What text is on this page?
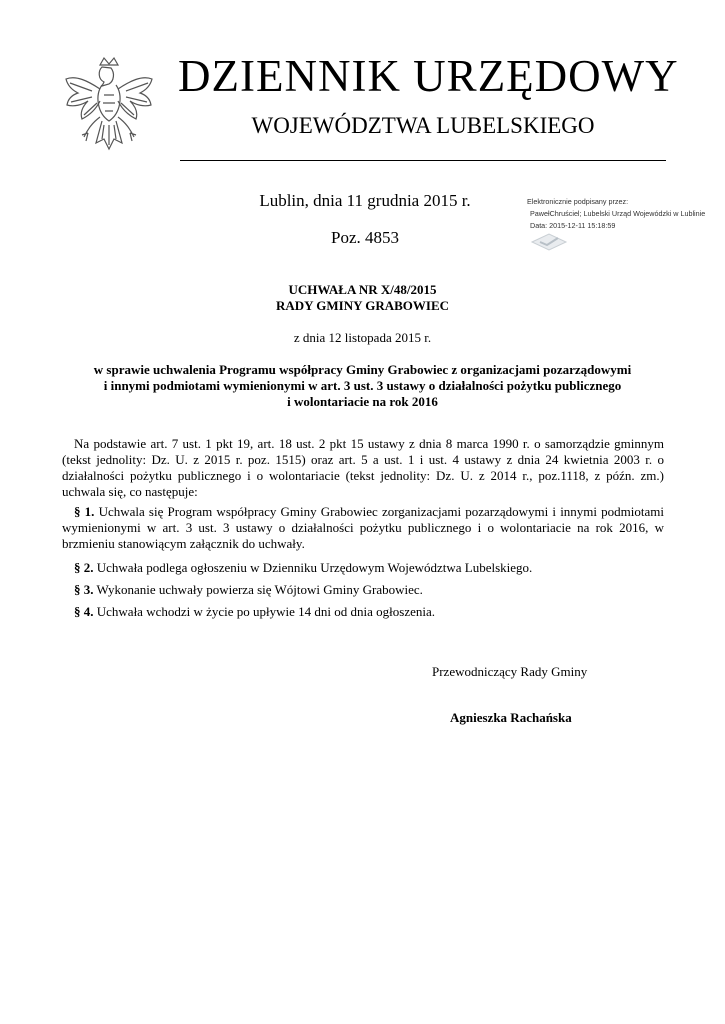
DZIENNIK URZĘDOWY
WOJEWÓDZTWA LUBELSKIEGO
Lublin, dnia 11 grudnia 2015 r.
Poz. 4853
Elektronicznie podpisany przez:
PawełChruściel; Lubelski Urząd Wojewódzki w Lublinie
Data: 2015-12-11 15:18:59
UCHWAŁA NR X/48/2015
RADY GMINY GRABOWIEC
z dnia 12 listopada 2015 r.
w sprawie uchwalenia Programu współpracy Gminy Grabowiec z organizacjami pozarządowymi
i innymi podmiotami wymienionymi w art. 3 ust. 3 ustawy o działalności pożytku publicznego
i wolontariacie na rok 2016
Na podstawie art. 7 ust. 1 pkt 19, art. 18 ust. 2 pkt 15 ustawy z dnia 8 marca 1990 r. o samorządzie gminnym (tekst jednolity: Dz. U. z 2015 r. poz. 1515) oraz art. 5 a ust. 1 i ust. 4 ustawy z dnia 24 kwietnia 2003 r. o działalności pożytku publicznego i o wolontariacie (tekst jednolity: Dz. U. z 2014 r., poz.1118, z późn. zm.) uchwala się, co następuje:
§ 1. Uchwala się Program współpracy Gminy Grabowiec zorganizacjami pozarządowymi i innymi podmiotami wymienionymi w art. 3 ust. 3 ustawy o działalności pożytku publicznego i o wolontariacie na rok 2016, w brzmieniu stanowiącym załącznik do uchwały.
§ 2. Uchwała podlega ogłoszeniu w Dzienniku Urzędowym Województwa Lubelskiego.
§ 3. Wykonanie uchwały powierza się Wójtowi Gminy Grabowiec.
§ 4. Uchwała wchodzi w życie po upływie 14 dni od dnia ogłoszenia.
Przewodniczący Rady Gminy
Agnieszka Rachańska
